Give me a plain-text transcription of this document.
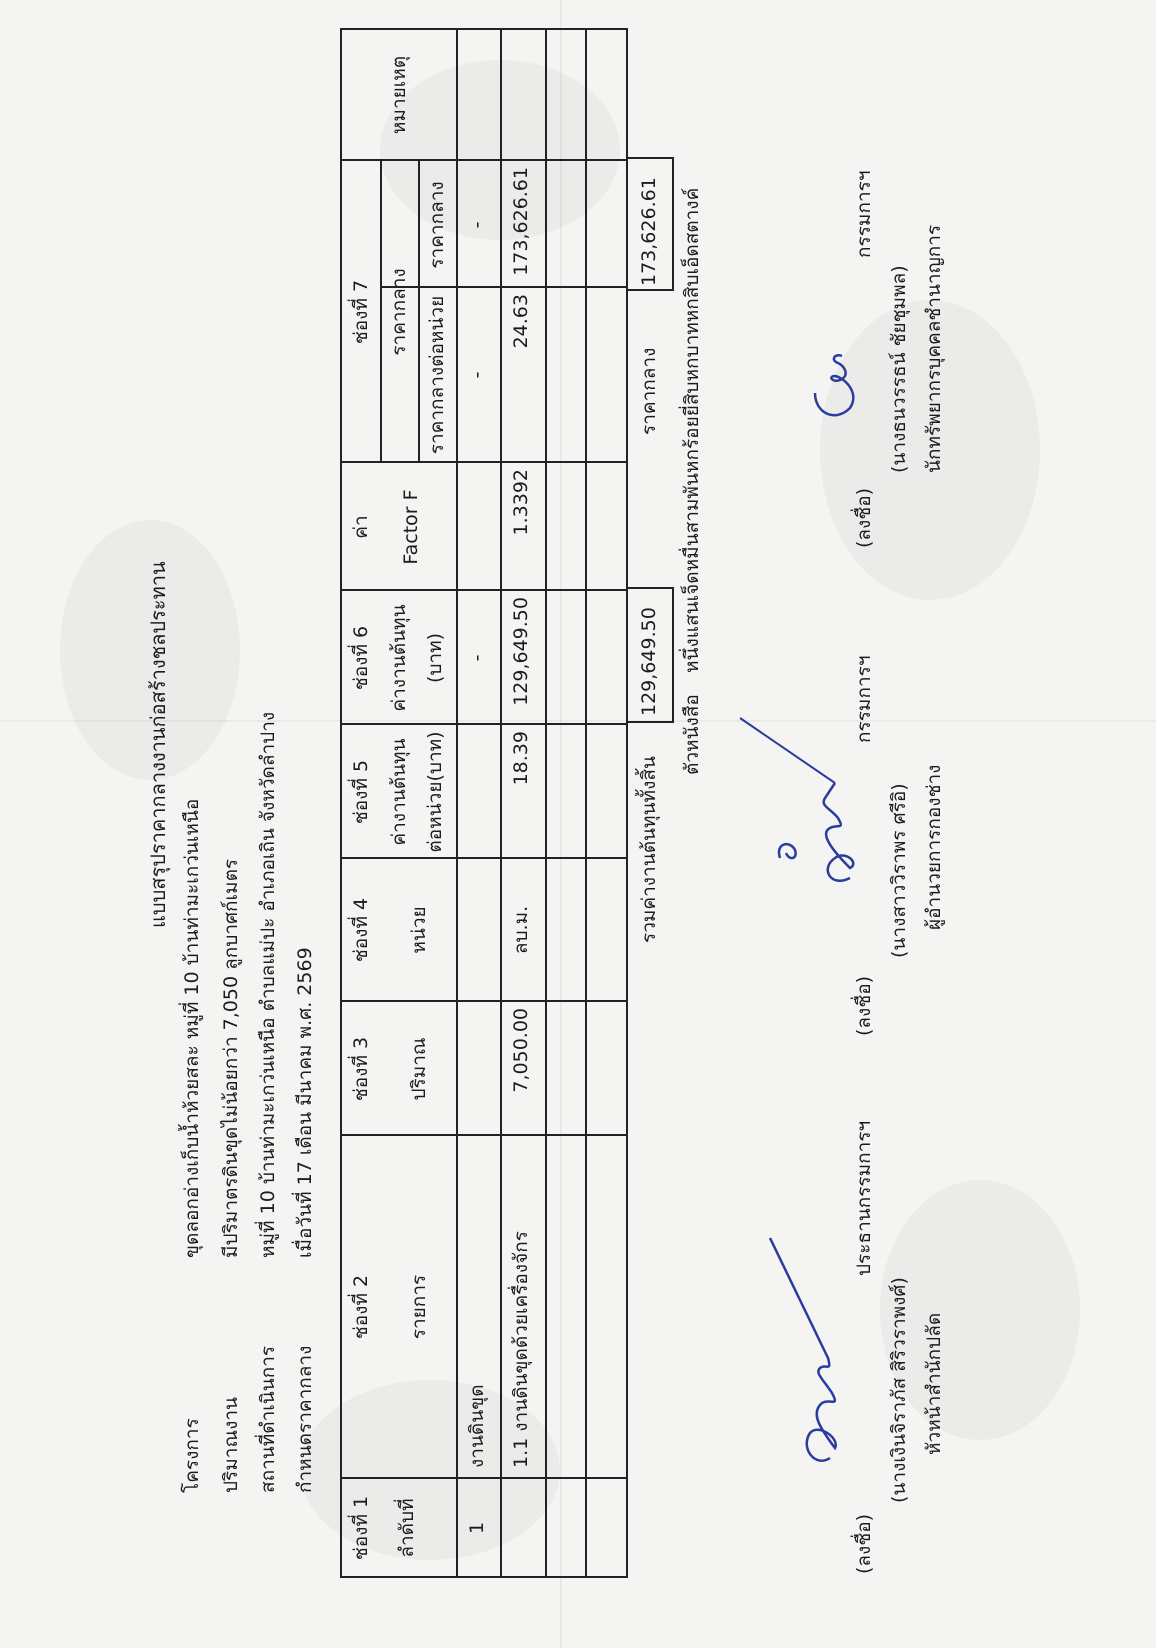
แบบสรุปราคากลางงานก่อสร้างชลประทาน
โครงการ
ขุดลอกอ่างเก็บน้ำห้วยสละ หมู่ที่ 10 บ้านท่ามะเกว่นเหนือ
ปริมาณงาน
มีปริมาตรดินขุดไม่น้อยกว่า 7,050 ลูกบาศก์เมตร
สถานที่ดำเนินการ
หมู่ที่ 10 บ้านท่ามะเกว่นเหนือ ตำบลแม่ปะ อำเภอเถิน จังหวัดลำปาง
กำหนดราคากลาง
เมื่อวันที่ 17 เดือน มีนาคม พ.ศ. 2569
ช่องที่ 1 ลำดับที่
ช่องที่ 2 รายการ
ช่องที่ 3 ปริมาณ
ช่องที่ 4 หน่วย
ช่องที่ 5 ค่างานต้นทุน ต่อหน่วย(บาท)
ช่องที่ 6 ค่างานต้นทุน (บาท)
ค่า Factor F
ช่องที่ 7 ราคากลาง ราคากลางต่อหน่วย
ราคากลาง
หมายเหตุ
1
งานดินขุด
-
-
-
1.1 งานดินขุดด้วยเครื่องจักร
7,050.00
ลบ.ม.
18.39
129,649.50
1.3392
24.63
173,626.61
รวมค่างานต้นทุนทั้งสิ้น
129,649.50
ราคากลาง
173,626.61
ตัวหนังสือ
หนึ่งแสนเจ็ดหมื่นสามพันหกร้อยยี่สิบหกบาทหกสิบเอ็ดสตางค์
(ลงชื่อ)
ประธานกรรมการฯ
(นางเงินจิราภัส สิริวราพงศ์) หัวหน้าสำนักปลัด
(ลงชื่อ)
กรรมการฯ
(นางสาววิราพร ศรีอิ) ผู้อำนวยการกองช่าง
(ลงชื่อ)
กรรมการฯ
(นางธนวรรธน์ ชัยชุมพล) นักทรัพยากรบุคคลชำนาญการ
